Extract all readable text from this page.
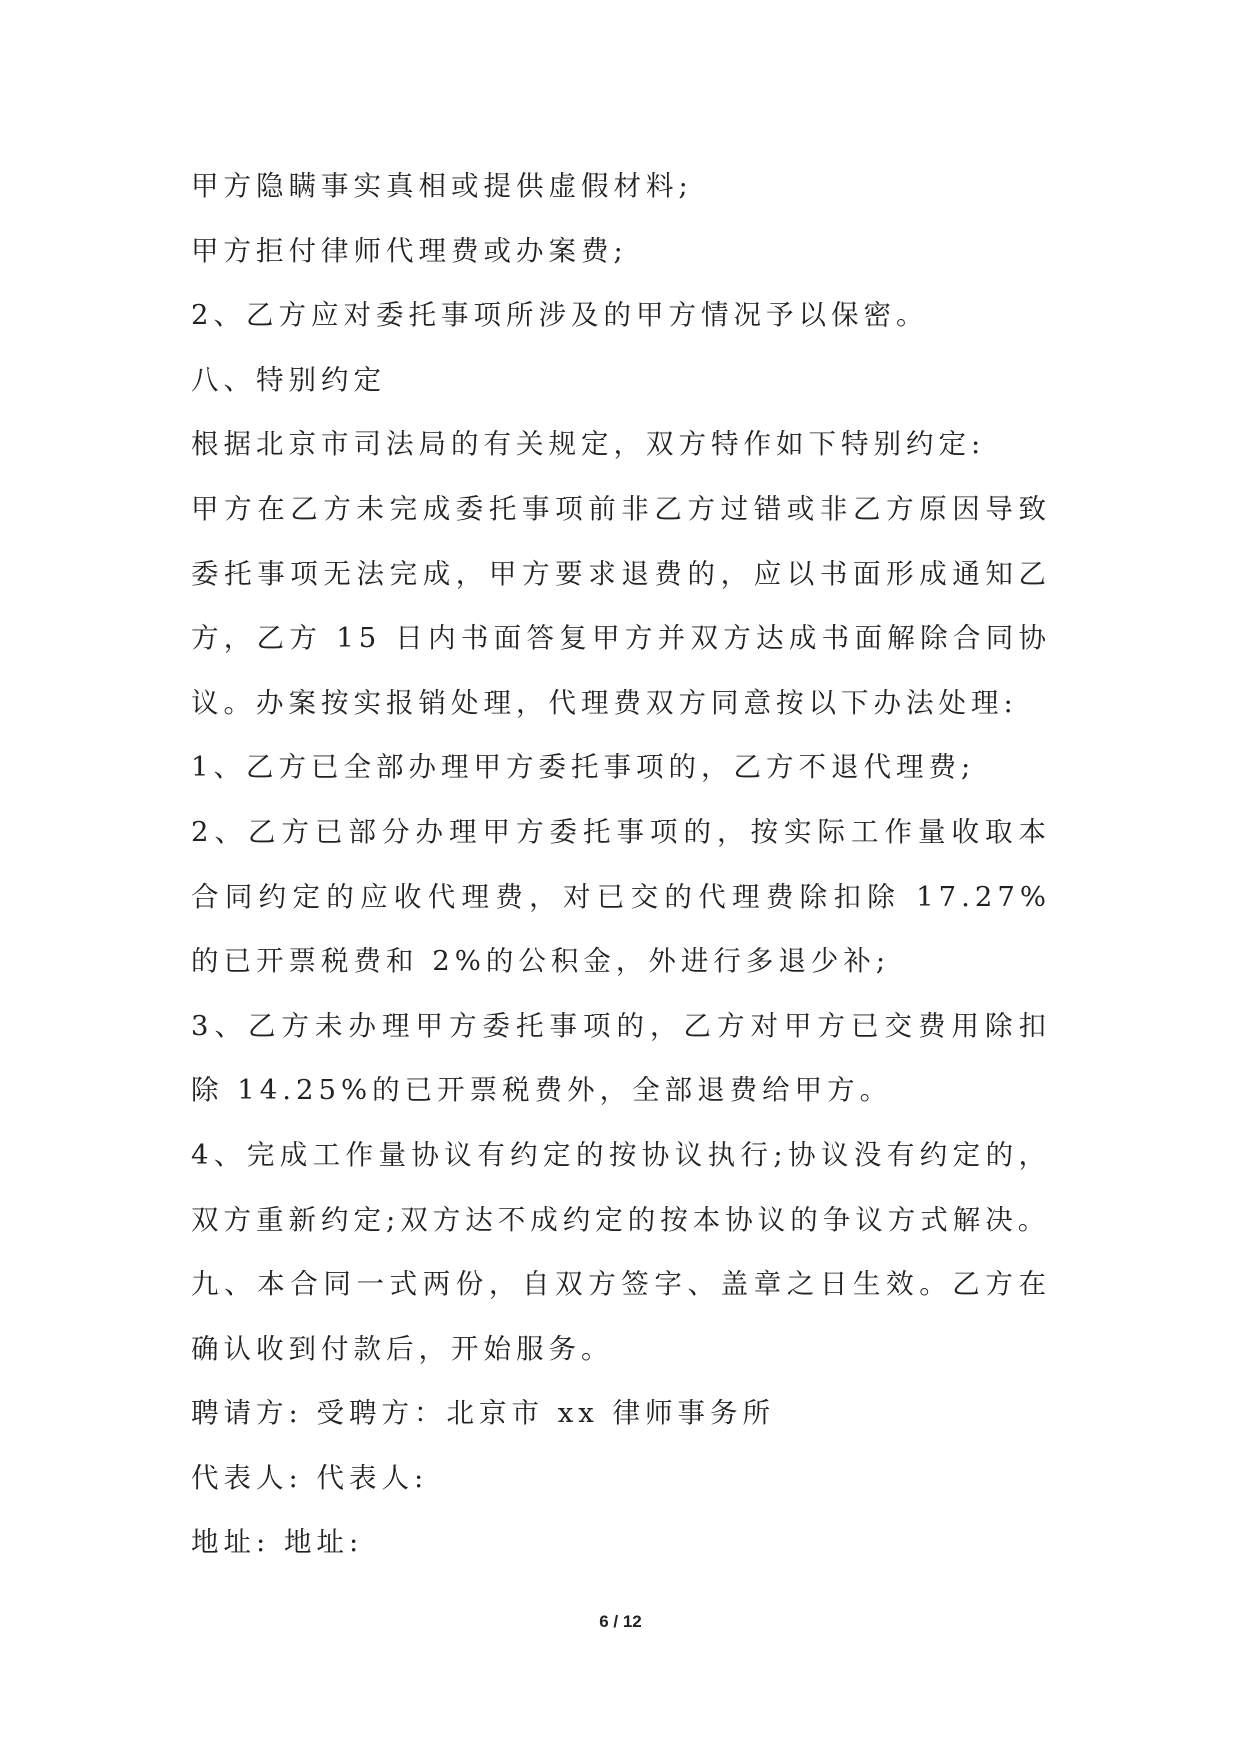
甲方隐瞒事实真相或提供虚假材料;

甲方拒付律师代理费或办案费;

2、乙方应对委托事项所涉及的甲方情况予以保密。

八、特别约定

根据北京市司法局的有关规定，双方特作如下特别约定:

甲方在乙方未完成委托事项前非乙方过错或非乙方原因导致委托事项无法完成，甲方要求退费的，应以书面形成通知乙方，乙方 15 日内书面答复甲方并双方达成书面解除合同协议。办案按实报销处理，代理费双方同意按以下办法处理:

1、乙方已全部办理甲方委托事项的，乙方不退代理费;

2、乙方已部分办理甲方委托事项的，按实际工作量收取本合同约定的应收代理费，对已交的代理费除扣除 17.27%的已开票税费和 2%的公积金，外进行多退少补;

3、乙方未办理甲方委托事项的，乙方对甲方已交费用除扣除 14.25%的已开票税费外，全部退费给甲方。

4、完成工作量协议有约定的按协议执行;协议没有约定的，双方重新约定;双方达不成约定的按本协议的争议方式解决。

九、本合同一式两份，自双方签字、盖章之日生效。乙方在确认收到付款后，开始服务。

聘请方: 受聘方：北京市 xx 律师事务所

代表人: 代表人:

地址: 地址:

6 / 12
